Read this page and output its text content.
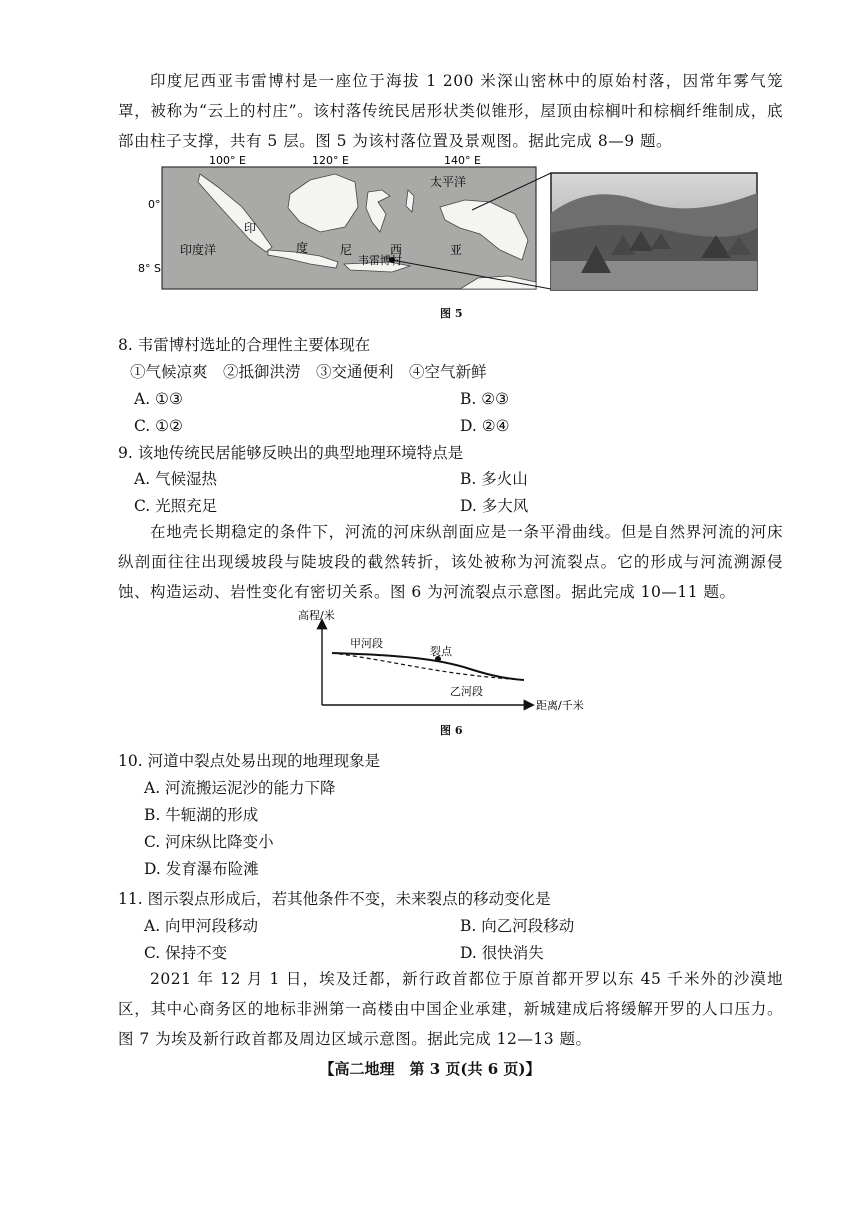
印度尼西亚韦雷博村是一座位于海拔 1 200 米深山密林中的原始村落，因常年雾气笼罩，被称为“云上的村庄”。该村落传统民居形状类似锥形，屋顶由棕榈叶和棕榈纤维制成，底部由柱子支撑，共有 5 层。图 5 为该村落位置及景观图。据此完成 8—9 题。

100° E	120° E	140° E
0°
8° S
太平洋
印度洋
印
度	尼	西	亚
韦雷博村
图 5
8. 韦雷博村选址的合理性主要体现在
①气候凉爽　②抵御洪涝　③交通便利　④空气新鲜
A. ①③	B. ②③
C. ①②	D. ②④
9. 该地传统民居能够反映出的典型地理环境特点是
A. 气候湿热	B. 多火山
C. 光照充足	D. 多大风

在地壳长期稳定的条件下，河流的河床纵剖面应是一条平滑曲线。但是自然界河流的河床纵剖面往往出现缓坡段与陡坡段的截然转折，该处被称为河流裂点。它的形成与河流溯源侵蚀、构造运动、岩性变化有密切关系。图 6 为河流裂点示意图。据此完成 10—11 题。

高程/米
距离/千米
甲河段
裂点
乙河段
图 6
10. 河道中裂点处易出现的地理现象是
A. 河流搬运泥沙的能力下降
B. 牛轭湖的形成
C. 河床纵比降变小
D. 发育瀑布险滩
11. 图示裂点形成后，若其他条件不变，未来裂点的移动变化是
A. 向甲河段移动	B. 向乙河段移动
C. 保持不变	D. 很快消失

2021 年 12 月 1 日，埃及迁都，新行政首都位于原首都开罗以东 45 千米外的沙漠地区，其中心商务区的地标非洲第一高楼由中国企业承建，新城建成后将缓解开罗的人口压力。图 7 为埃及新行政首都及周边区域示意图。据此完成 12—13 题。

【高二地理　第 3 页(共 6 页)】
